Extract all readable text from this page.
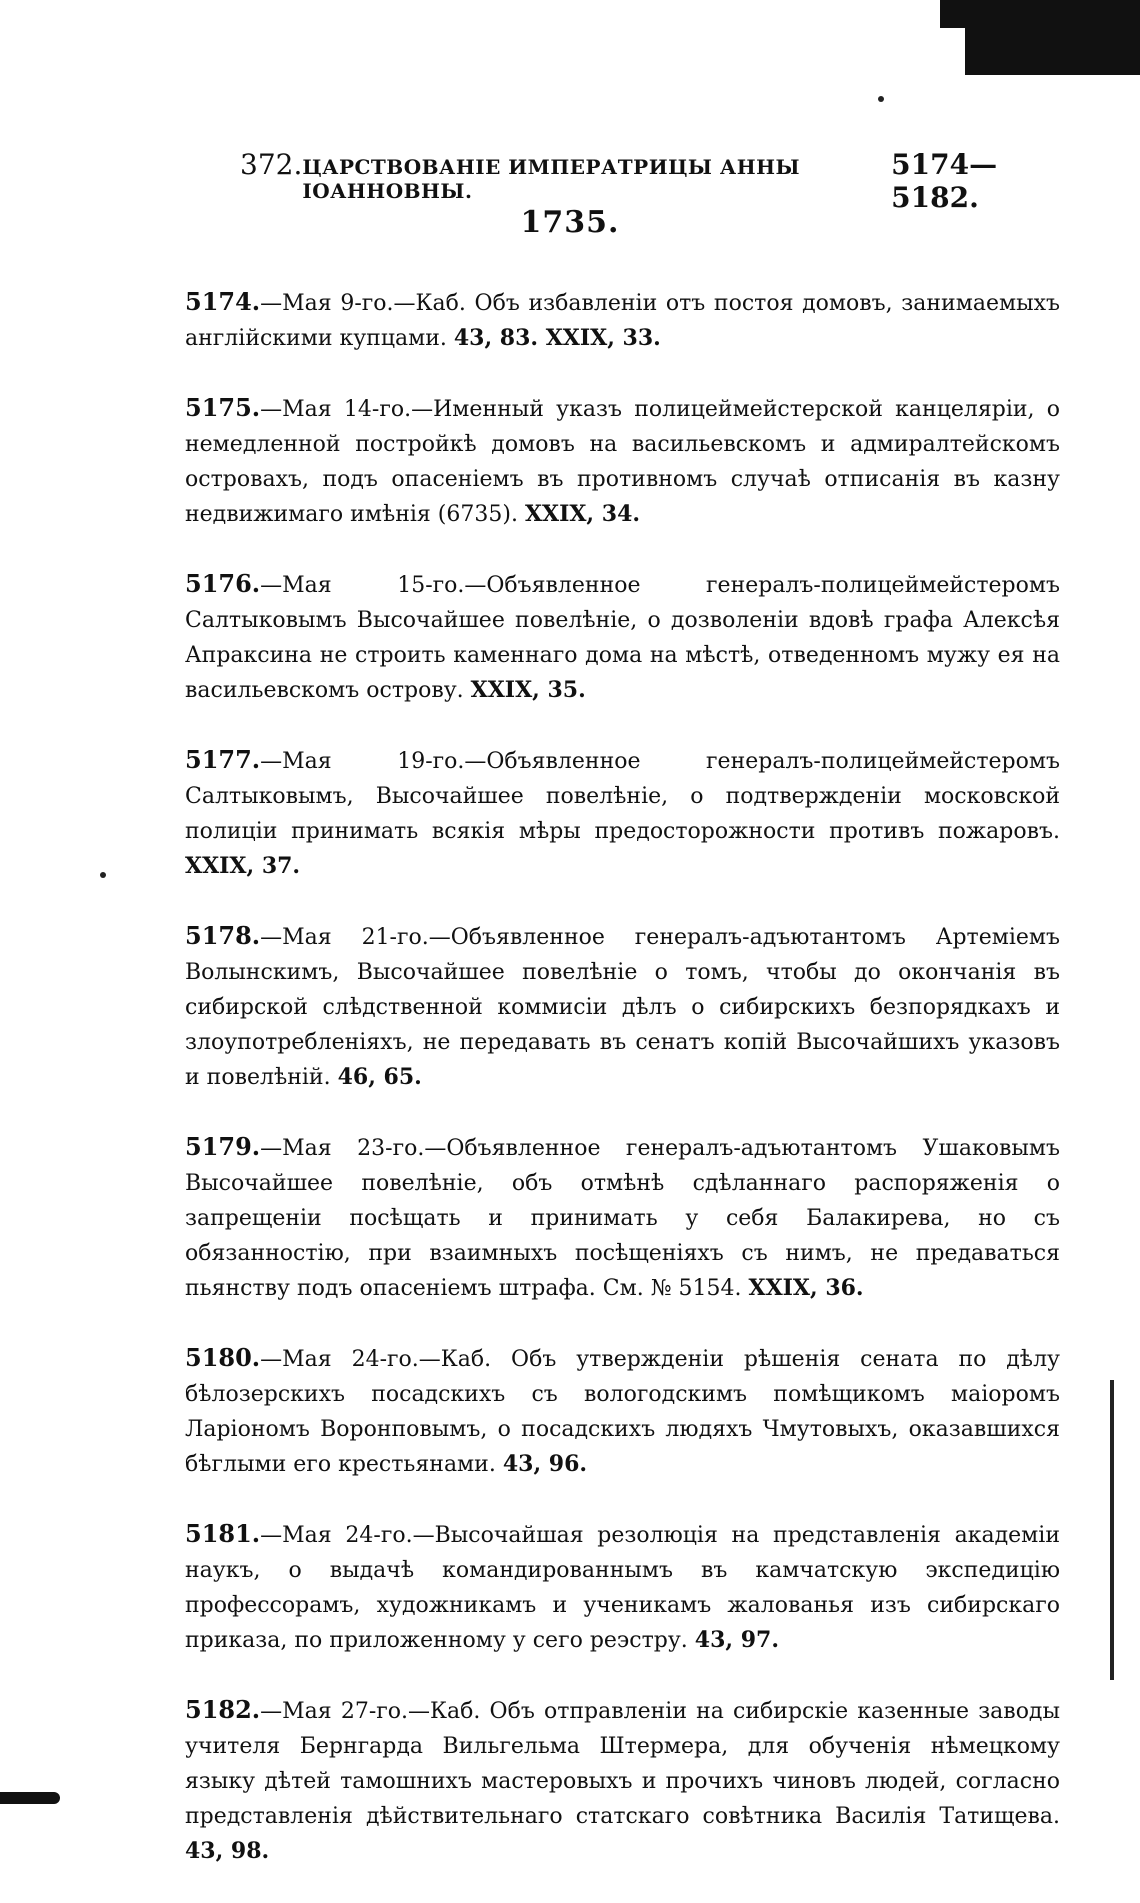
372. ЦАРСТВОВАНІЕ ИМПЕРАТРИЦЫ АННЫ ІОАННОВНЫ.
5174—5182.
1735.

5174.—Мая 9-го.—Каб. Объ избавленіи отъ постоя домовъ, занимаемыхъ англійскими купцами. 43, 83. XXIX, 33.

5175.—Мая 14-го.—Именный указъ полицеймейстерской канцеляріи, о немедленной постройкѣ домовъ на васильевскомъ и адмиралтейскомъ островахъ, подъ опасеніемъ въ противномъ случаѣ отписанія въ казну недвижимаго имѣнія (6735). XXIX, 34.

5176.—Мая 15-го.—Объявленное генералъ-полицеймейстеромъ Салтыковымъ Высочайшее повелѣніе, о дозволеніи вдовѣ графа Алексѣя Апраксина не строить каменнаго дома на мѣстѣ, отведенномъ мужу ея на васильевскомъ острову. XXIX, 35.

5177.—Мая 19-го.—Объявленное генералъ-полицеймейстеромъ Салтыковымъ, Высочайшее повелѣніе, о подтвержденіи московской полиціи принимать всякія мѣры предосторожности противъ пожаровъ. XXIX, 37.

5178.—Мая 21-го.—Объявленное генералъ-адъютантомъ Артеміемъ Волынскимъ, Высочайшее повелѣніе о томъ, чтобы до окончанія въ сибирской слѣдственной коммисіи дѣлъ о сибирскихъ безпорядкахъ и злоупотребленіяхъ, не передавать въ сенатъ копій Высочайшихъ указовъ и повелѣній. 46, 65.

5179.—Мая 23-го.—Объявленное генералъ-адъютантомъ Ушаковымъ Высочайшее повелѣніе, объ отмѣнѣ сдѣланнаго распоряженія о запрещеніи посѣщать и принимать у себя Балакирева, но съ обязанностію, при взаимныхъ посѣщеніяхъ съ нимъ, не предаваться пьянству подъ опасеніемъ штрафа. См. № 5154. XXIX, 36.

5180.—Мая 24-го.—Каб. Объ утвержденіи рѣшенія сената по дѣлу бѣлозерскихъ посадскихъ съ вологодскимъ помѣщикомъ маіоромъ Ларіономъ Воронповымъ, о посадскихъ людяхъ Чмутовыхъ, оказавшихся бѣглыми его крестьянами. 43, 96.

5181.—Мая 24-го.—Высочайшая резолюція на представленія академіи наукъ, о выдачѣ командированнымъ въ камчатскую экспедицію профессорамъ, художникамъ и ученикамъ жалованья изъ сибирскаго приказа, по приложенному у сего реэстру. 43, 97.

5182.—Мая 27-го.—Каб. Объ отправленіи на сибирскіе казенные заводы учителя Бернгарда Вильгельма Штермера, для обученія нѣмецкому языку дѣтей тамошнихъ мастеровыхъ и прочихъ чиновъ людей, согласно представленія дѣйствительнаго статскаго совѣтника Василія Татищева. 43, 98.
